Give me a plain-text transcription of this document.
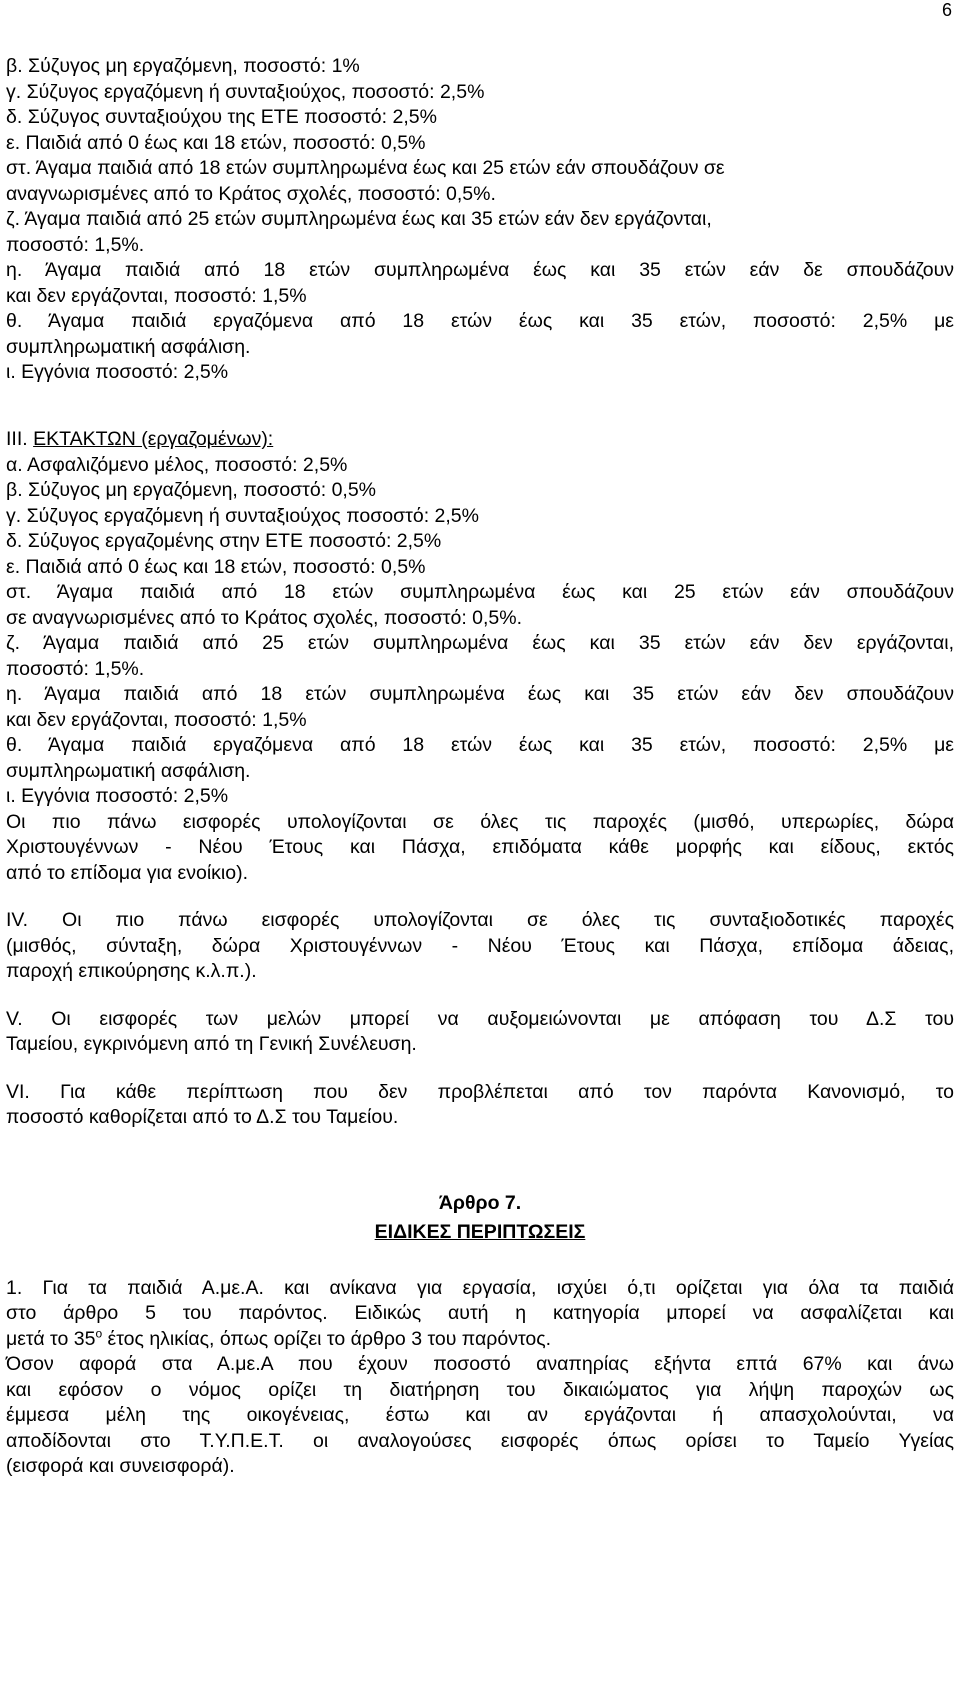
6
β. Σύζυγος μη εργαζόμενη, ποσοστό: 1%
γ. Σύζυγος εργαζόμενη ή συνταξιούχος, ποσοστό: 2,5%
δ. Σύζυγος συνταξιούχου της ΕΤΕ ποσοστό: 2,5%
ε. Παιδιά από 0 έως και 18 ετών, ποσοστό: 0,5%
στ. Άγαμα παιδιά από 18 ετών συμπληρωμένα έως και 25 ετών εάν σπουδάζουν σε
αναγνωρισμένες από το Κράτος σχολές, ποσοστό: 0,5%.
ζ. Άγαμα παιδιά από 25 ετών συμπληρωμένα έως και 35 ετών εάν δεν εργάζονται,
ποσοστό: 1,5%.
η. Άγαμα παιδιά από 18 ετών συμπληρωμένα έως και 35 ετών εάν δε σπουδάζουν
και δεν εργάζονται, ποσοστό: 1,5%
θ. Άγαμα παιδιά εργαζόμενα από 18 ετών έως και 35 ετών, ποσοστό: 2,5% με
συμπληρωματική ασφάλιση.
ι. Εγγόνια ποσοστό: 2,5%
ΙΙΙ. ΕΚΤΑΚΤΩΝ (εργαζομένων):
α. Ασφαλιζόμενο μέλος, ποσοστό: 2,5%
β. Σύζυγος μη εργαζόμενη, ποσοστό: 0,5%
γ. Σύζυγος εργαζόμενη ή συνταξιούχος ποσοστό: 2,5%
δ. Σύζυγος εργαζομένης στην ΕΤΕ ποσοστό: 2,5%
ε. Παιδιά από 0 έως και 18 ετών, ποσοστό: 0,5%
στ. Άγαμα παιδιά από 18 ετών συμπληρωμένα έως και 25 ετών εάν σπουδάζουν
σε αναγνωρισμένες από το Κράτος σχολές, ποσοστό: 0,5%.
ζ. Άγαμα παιδιά από 25 ετών συμπληρωμένα έως και 35 ετών εάν δεν εργάζονται,
ποσοστό: 1,5%.
η. Άγαμα παιδιά από 18 ετών συμπληρωμένα έως και 35 ετών εάν δεν σπουδάζουν
και δεν εργάζονται, ποσοστό: 1,5%
θ. Άγαμα παιδιά εργαζόμενα από 18 ετών έως και 35 ετών, ποσοστό: 2,5% με
συμπληρωματική ασφάλιση.
ι. Εγγόνια ποσοστό: 2,5%
Οι πιο πάνω εισφορές υπολογίζονται σε όλες τις παροχές (μισθό, υπερωρίες, δώρα
Χριστουγέννων - Νέου Έτους και Πάσχα, επιδόματα κάθε μορφής και είδους, εκτός
από το επίδομα για ενοίκιο).
ΙV. Οι πιο πάνω εισφορές υπολογίζονται σε όλες τις συνταξιοδοτικές παροχές
(μισθός, σύνταξη, δώρα Χριστουγέννων - Νέου Έτους και Πάσχα, επίδομα άδειας,
παροχή επικούρησης κ.λ.π.).
V. Οι εισφορές των μελών μπορεί να αυξομειώνονται με απόφαση του Δ.Σ του
Ταμείου, εγκρινόμενη από τη Γενική Συνέλευση.
VΙ. Για κάθε περίπτωση που δεν προβλέπεται από τον παρόντα Κανονισμό, το
ποσοστό καθορίζεται από το Δ.Σ του Ταμείου.
Άρθρο 7.
ΕΙΔΙΚΕΣ ΠΕΡΙΠΤΩΣΕΙΣ
1. Για τα παιδιά Α.με.Α. και ανίκανα για εργασία, ισχύει ό,τι ορίζεται για όλα τα παιδιά
στο άρθρο 5 του παρόντος. Ειδικώς αυτή η κατηγορία μπορεί να ασφαλίζεται και
μετά το $35^o$ έτος ηλικίας, όπως ορίζει το άρθρο 3 του παρόντος.
Όσον αφορά στα Α.με.Α που έχουν ποσοστό αναπηρίας εξήντα επτά 67% και άνω
και εφόσον ο νόμος ορίζει τη διατήρηση του δικαιώματος για λήψη παροχών ως
έμμεσα μέλη της οικογένειας, έστω και αν εργάζονται ή απασχολούνται, να
αποδίδονται στο Τ.Υ.Π.Ε.Τ. οι αναλογούσες εισφορές όπως ορίσει το Ταμείο Υγείας
(εισφορά και συνεισφορά).
